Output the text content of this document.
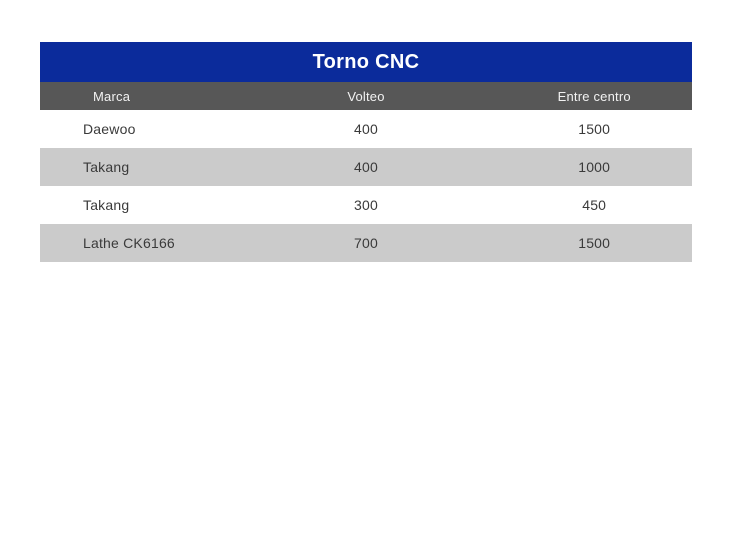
Torno CNC
Marca	Volteo	Entre centro
Daewoo	400	1500
Takang	400	1000
Takang	300	450
Lathe CK6166	700	1500
